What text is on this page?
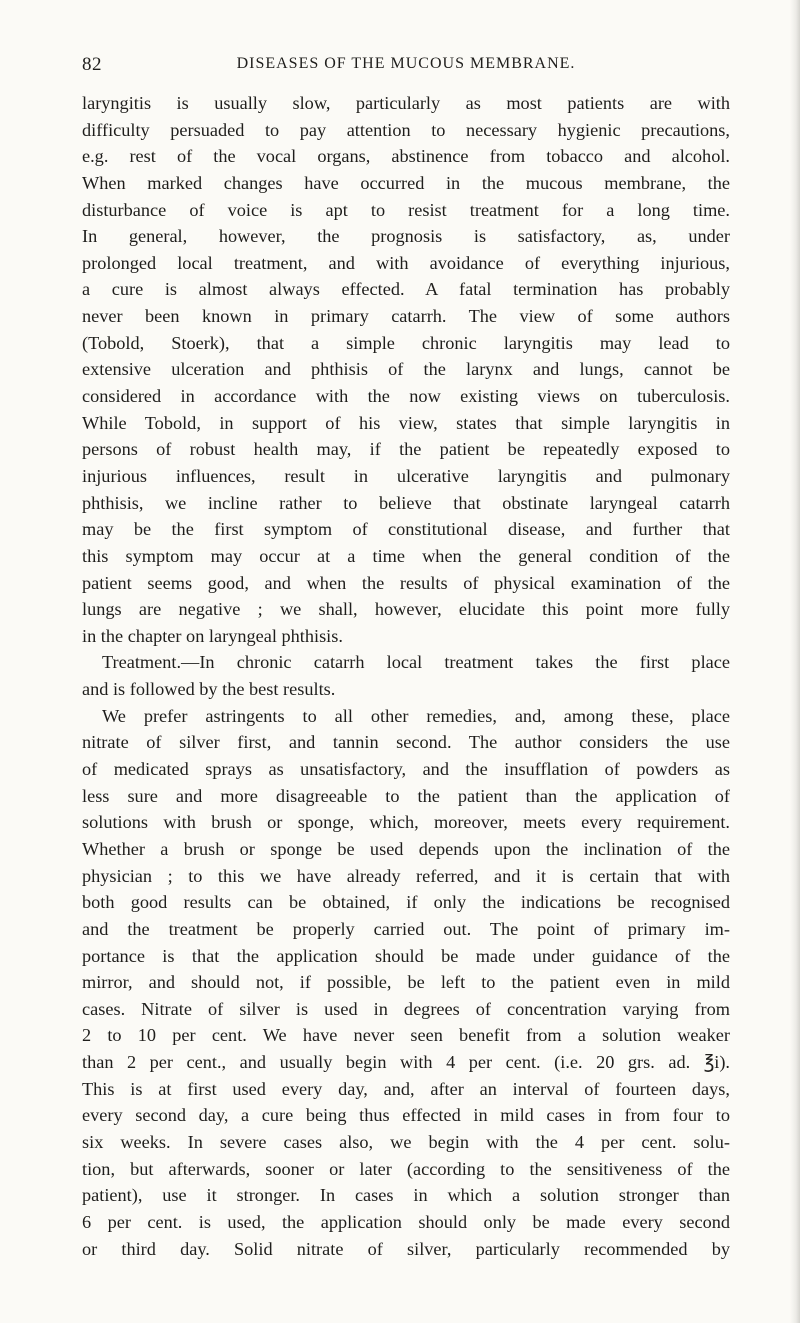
82	DISEASES OF THE MUCOUS MEMBRANE.
laryngitis is usually slow, particularly as most patients are with
difficulty persuaded to pay attention to necessary hygienic precautions,
e.g. rest of the vocal organs, abstinence from tobacco and alcohol.
When marked changes have occurred in the mucous membrane, the
disturbance of voice is apt to resist treatment for a long time.
In general, however, the prognosis is satisfactory, as, under
prolonged local treatment, and with avoidance of everything injurious,
a cure is almost always effected. A fatal termination has probably
never been known in primary catarrh. The view of some authors
(Tobold, Stoerk), that a simple chronic laryngitis may lead to
extensive ulceration and phthisis of the larynx and lungs, cannot be
considered in accordance with the now existing views on tuberculosis.
While Tobold, in support of his view, states that simple laryngitis in
persons of robust health may, if the patient be repeatedly exposed to
injurious influences, result in ulcerative laryngitis and pulmonary
phthisis, we incline rather to believe that obstinate laryngeal catarrh
may be the first symptom of constitutional disease, and further that
this symptom may occur at a time when the general condition of the
patient seems good, and when the results of physical examination of the
lungs are negative ; we shall, however, elucidate this point more fully
in the chapter on laryngeal phthisis.
Treatment.—In chronic catarrh local treatment takes the first place
and is followed by the best results.
We prefer astringents to all other remedies, and, among these, place
nitrate of silver first, and tannin second. The author considers the use
of medicated sprays as unsatisfactory, and the insufflation of powders as
less sure and more disagreeable to the patient than the application of
solutions with brush or sponge, which, moreover, meets every requirement.
Whether a brush or sponge be used depends upon the inclination of the
physician ; to this we have already referred, and it is certain that with
both good results can be obtained, if only the indications be recognised
and the treatment be properly carried out. The point of primary im-
portance is that the application should be made under guidance of the
mirror, and should not, if possible, be left to the patient even in mild
cases. Nitrate of silver is used in degrees of concentration varying from
2 to 10 per cent. We have never seen benefit from a solution weaker
than 2 per cent., and usually begin with 4 per cent. (i.e. 20 grs. ad. ℥i).
This is at first used every day, and, after an interval of fourteen days,
every second day, a cure being thus effected in mild cases in from four to
six weeks. In severe cases also, we begin with the 4 per cent. solu-
tion, but afterwards, sooner or later (according to the sensitiveness of the
patient), use it stronger. In cases in which a solution stronger than
6 per cent. is used, the application should only be made every second
or third day. Solid nitrate of silver, particularly recommended by
